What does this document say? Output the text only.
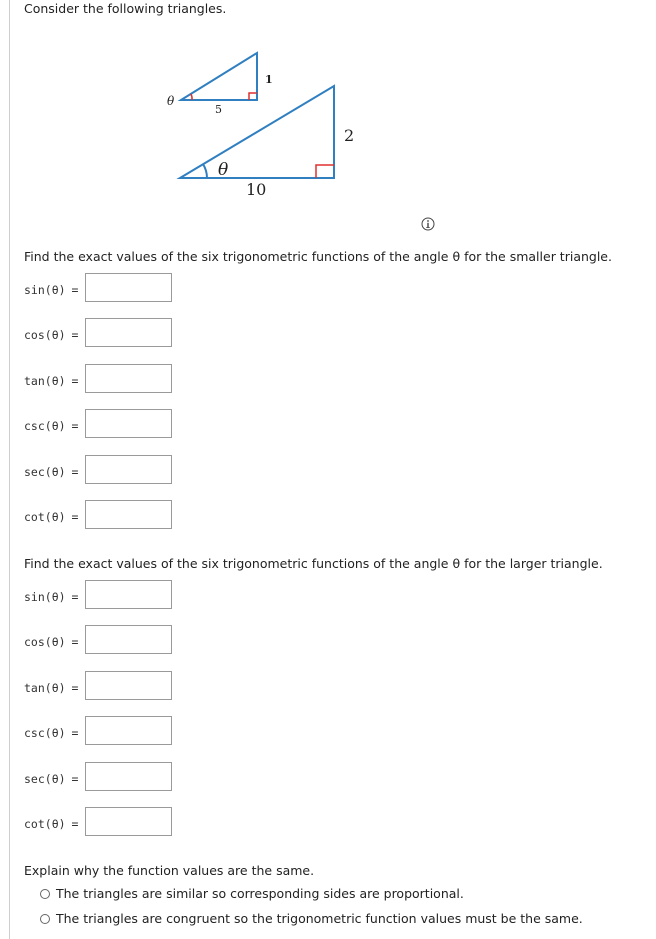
Consider the following triangles.
θ
5
1
θ
10
2
Find the exact values of the six trigonometric functions of the angle θ for the smaller triangle.
sin(θ) =
cos(θ) =
tan(θ) =
csc(θ) =
sec(θ) =
cot(θ) =
Find the exact values of the six trigonometric functions of the angle θ for the larger triangle.
sin(θ) =
cos(θ) =
tan(θ) =
csc(θ) =
sec(θ) =
cot(θ) =
Explain why the function values are the same.
The triangles are similar so corresponding sides are proportional.
The triangles are congruent so the trigonometric function values must be the same.
